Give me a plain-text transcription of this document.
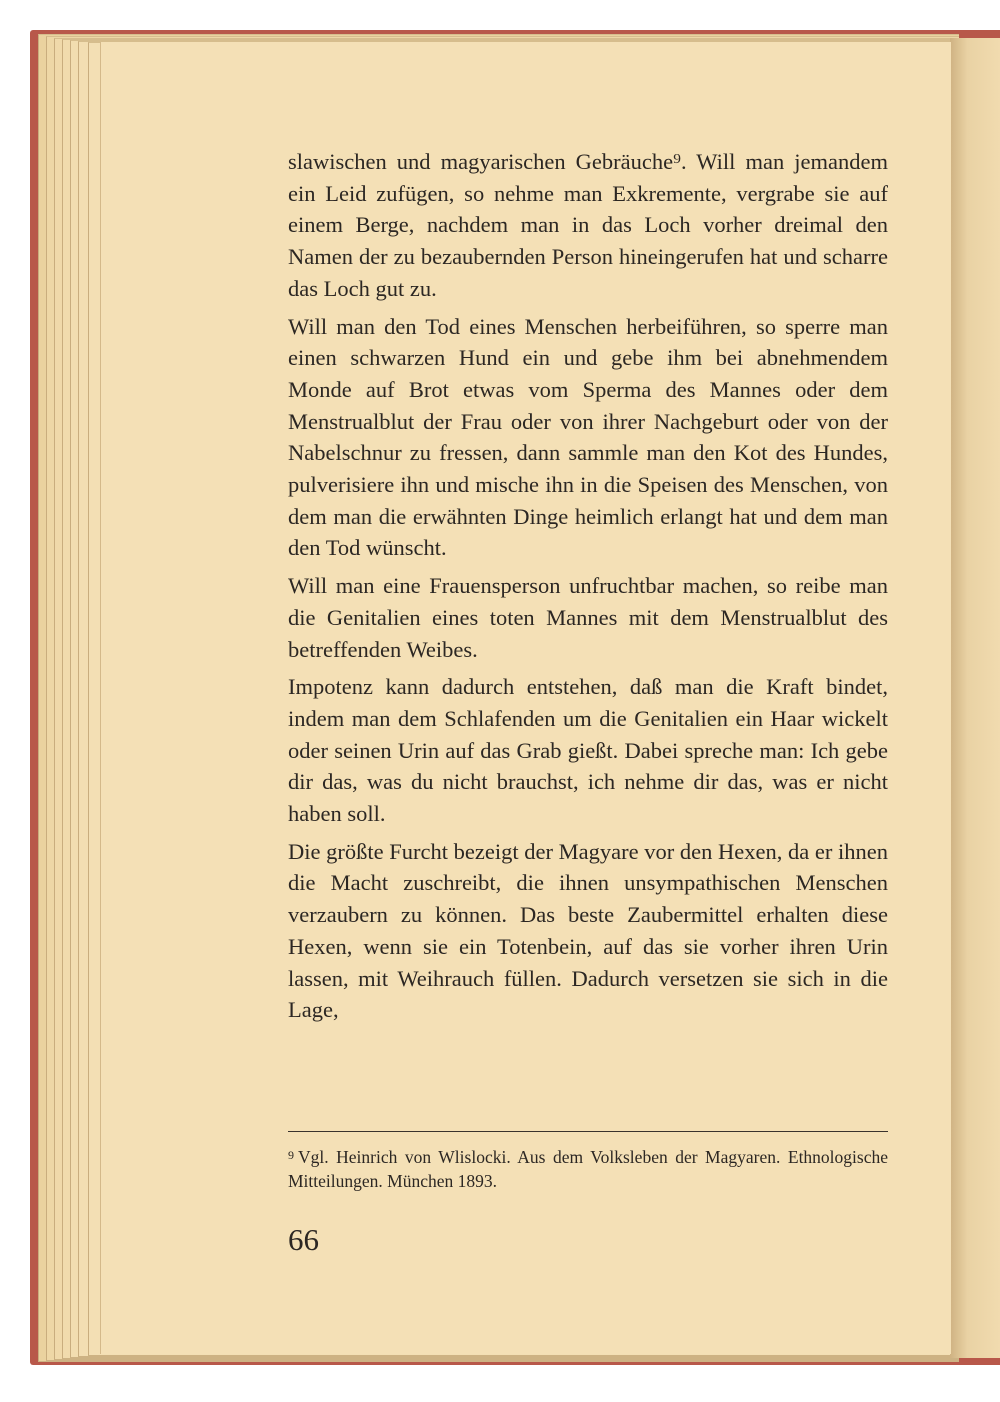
slawischen und magyarischen Gebräuche⁹. Will man jemandem ein Leid zufügen, so nehme man Exkremente, vergrabe sie auf einem Berge, nachdem man in das Loch vorher dreimal den Namen der zu bezaubernden Person hineingerufen hat und scharre das Loch gut zu.

Will man den Tod eines Menschen herbeiführen, so sperre man einen schwarzen Hund ein und gebe ihm bei abnehmendem Monde auf Brot etwas vom Sperma des Mannes oder dem Menstrualblut der Frau oder von ihrer Nachgeburt oder von der Nabelschnur zu fressen, dann sammle man den Kot des Hundes, pulverisiere ihn und mische ihn in die Speisen des Menschen, von dem man die erwähnten Dinge heimlich erlangt hat und dem man den Tod wünscht.

Will man eine Frauensperson unfruchtbar machen, so reibe man die Genitalien eines toten Mannes mit dem Menstrualblut des betreffenden Weibes.

Impotenz kann dadurch entstehen, daß man die Kraft bindet, indem man dem Schlafenden um die Genitalien ein Haar wickelt oder seinen Urin auf das Grab gießt. Dabei spreche man: Ich gebe dir das, was du nicht brauchst, ich nehme dir das, was er nicht haben soll.

Die größte Furcht bezeigt der Magyare vor den Hexen, da er ihnen die Macht zuschreibt, die ihnen unsympathischen Menschen verzaubern zu können. Das beste Zaubermittel erhalten diese Hexen, wenn sie ein Totenbein, auf das sie vorher ihren Urin lassen, mit Weihrauch füllen. Dadurch versetzen sie sich in die Lage,

$^9$ Vgl. Heinrich von Wlislocki. Aus dem Volksleben der Magyaren. Ethnologische Mitteilungen. München 1893.
66
